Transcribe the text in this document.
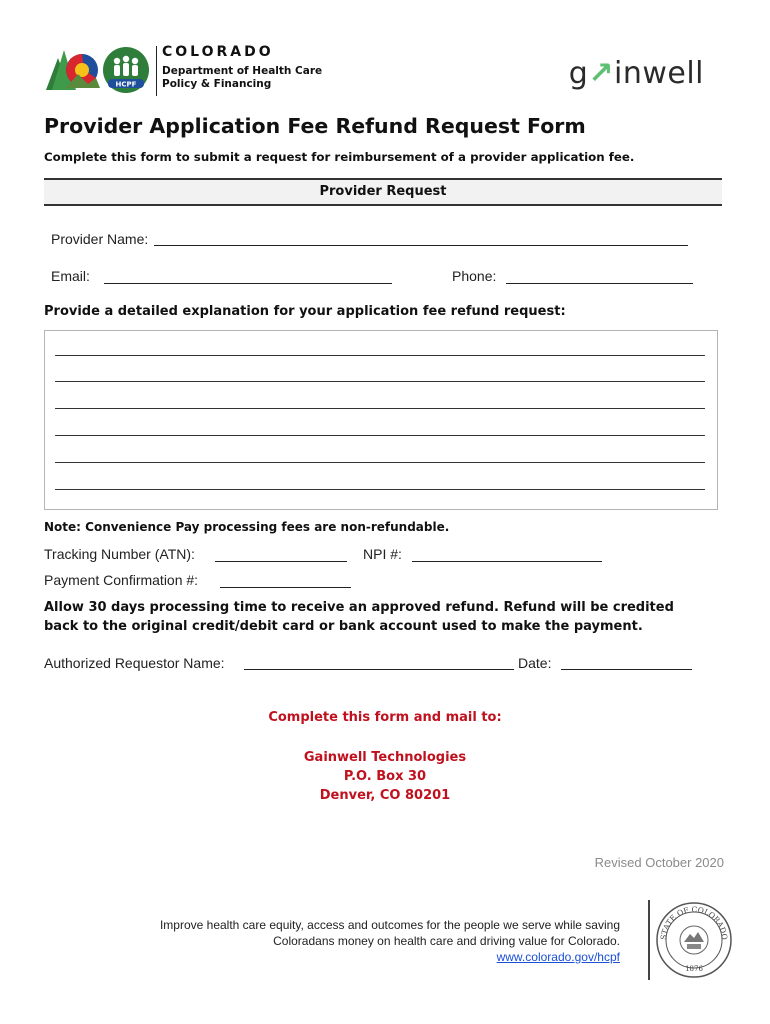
HCPF
COLORADO
Department of Health Care
Policy & Financing	g↗inwell
Provider Application Fee Refund Request Form
Complete this form to submit a request for reimbursement of a provider application fee.
Provider Request
Provider Name:
Email:	Phone:
Provide a detailed explanation for your application fee refund request:
Note: Convenience Pay processing fees are non-refundable.
Tracking Number (ATN):	NPI #:
Payment Confirmation #:
Allow 30 days processing time to receive an approved refund. Refund will be credited
back to the original credit/debit card or bank account used to make the payment.
Authorized Requestor Name:	Date:
Complete this form and mail to:
Gainwell Technologies
P.O. Box 30
Denver, CO 80201
Revised October 2020
Improve health care equity, access and outcomes for the people we serve while saving
Coloradans money on health care and driving value for Colorado.
www.colorado.gov/hcpf
STATE OF COLORADO
1876
